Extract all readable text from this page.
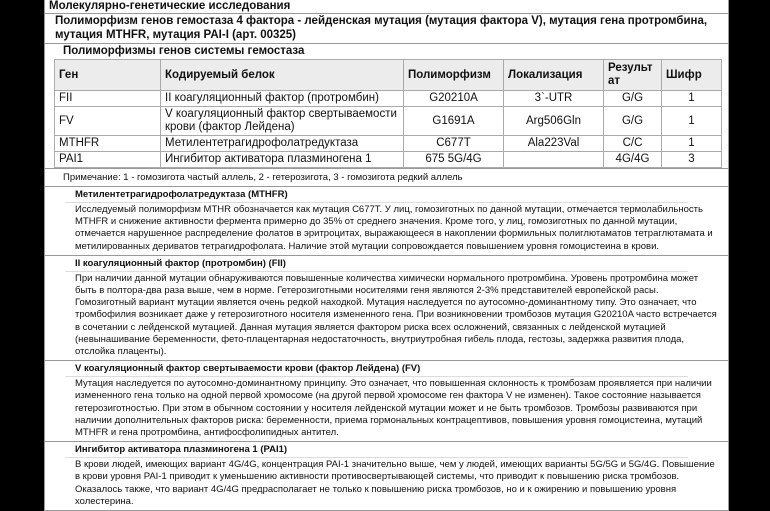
Молекулярно-генетические исследования
Полиморфизм генов гемостаза 4 фактора - лейденская мутация (мутация фактора V), мутация гена протромбина, мутация MTHFR, мутация PAI-I (арт. 00325)
Полиморфизмы генов системы гемостаза
Ген	Кодируемый белок	Полиморфизм	Локализация	Результат	Шифр
FII	II коагуляционный фактор (протромбин)	G20210A	3`-UTR	G/G	1
FV	V коагуляционный фактор свертываемости крови (фактор Лейдена)	G1691A	Arg506Gln	G/G	1
MTHFR	Метилентетрагидрофолатредуктаза	C677T	Ala223Val	C/C	1
PAI1	Ингибитор активатора плазминогена 1	675 5G/4G		4G/4G	3
Примечание: 1 - гомозигота частый аллель, 2 - гетерозигота, 3 - гомозигота редкий аллель
Метилентетрагидрофолатредуктаза (MTHFR)
Исследуемый полиморфизм MTHR обозначается как мутация C677T. У лиц, гомозиготных по данной мутации, отмечается термолабильность MTHFR и снижение активности фермента примерно до 35% от среднего значения. Кроме того, у лиц, гомозиготных по данной мутации, отмечается нарушенное распределение фолатов в эритроцитах, выражающееся в накоплении формильных полиглютаматов тетраглютамата и метилированных дериватов тетрагидрофолата. Наличие этой мутации сопровождается повышением уровня гомоцистеина в крови.
II коагуляционный фактор (протромбин) (FII)
При наличии данной мутации обнаруживаются повышенные количества химически нормального протромбина. Уровень протромбина может быть в полтора-два раза выше, чем в норме. Гетерозиготными носителями геня являются 2-3% представителей европейской расы. Гомозиготный вариант мутации является очень редкой находкой. Мутация наследуется по аутосомно-доминантному типу. Это означает, что тромбофилия возникает даже у гетерозиготного носителя измененного гена. При возникновении тромбозов мутация G20210A часто встречается в сочетании с лейденской мутацией. Данная мутация является фактором риска всех осложнений, связанных с лейденской мутацией (невынашивание беременности, фето-плацентарная недостаточность, внутриутробная гибель плода, гестозы, задержка развития плода, отслойка плаценты).
V коагуляционный фактор свертываемости крови (фактор Лейдена) (FV)
Мутация наследуется по аутосомно-доминантному принципу. Это означает, что повышенная склонность к тромбозам проявляется при наличии измененного гена только на одной первой хромосоме (на другой первой хромосоме ген фактора V не изменен). Такое состояние называется гетерозиготностью. При этом в обычном состоянии у носителя лейденской мутации может и не быть тромбозов. Тромбозы развиваются при наличии дополнительных факторов риска: беременности, приема гормональных контрацептивов, повышения уровня гомоцистеина, мутаций MTHFR и гена протромбина, антифосфолипидных антител.
Ингибитор активатора плазминогена 1 (PAI1)
В крови людей, имеющих вариант 4G/4G, концентрация PAI-1 значительно выше, чем у людей, имеющих варианты 5G/5G и 5G/4G. Повышение в крови уровня PAI-1 приводит к уменьшению активности противосвертывающей системы, что приводит к повышению риска тромбозов. Оказалось также, что вариант 4G/4G предрасполагает не только к повышению риска тромбозов, но и к ожирению и повышению уровня холестерина.
